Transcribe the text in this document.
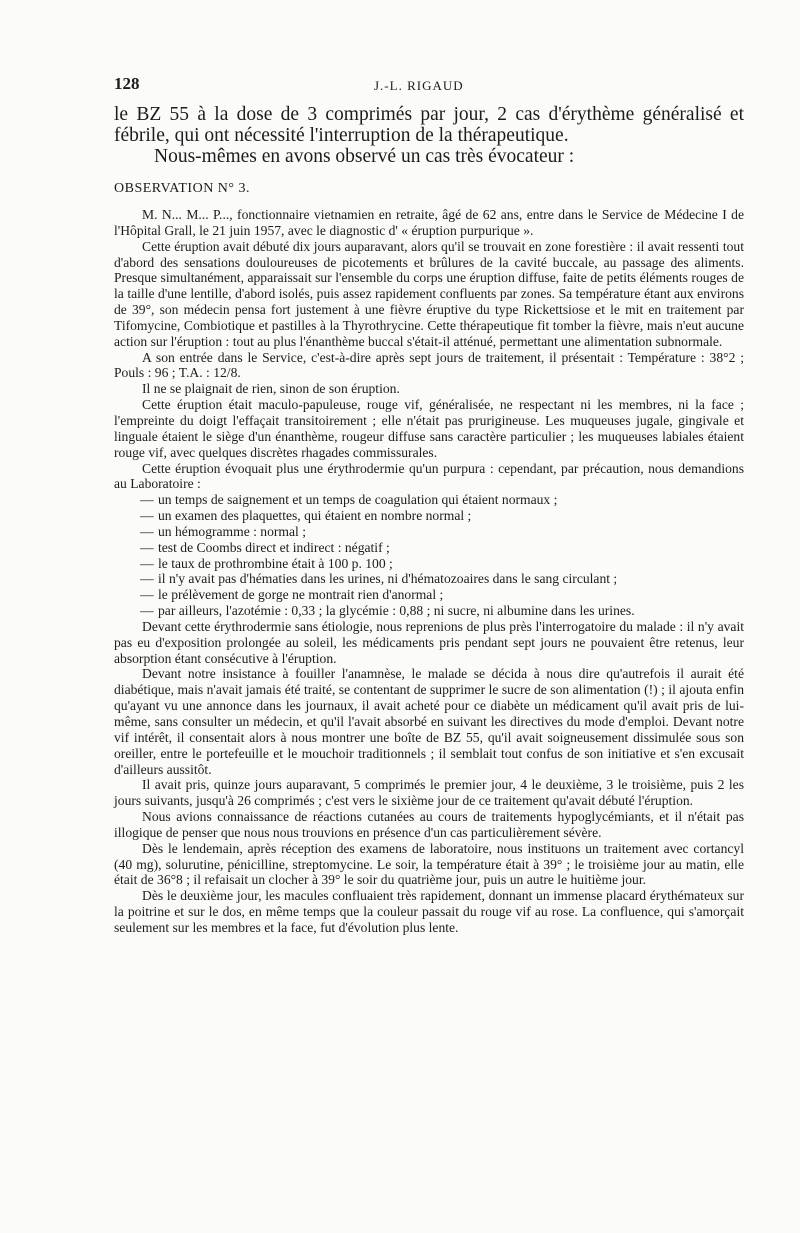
128	J.-L. RIGAUD

le BZ 55 à la dose de 3 comprimés par jour, 2 cas d'érythème généralisé et fébrile, qui ont nécessité l'interruption de la thérapeutique.

Nous-mêmes en avons observé un cas très évocateur :

OBSERVATION N° 3.

M. N... M... P..., fonctionnaire vietnamien en retraite, âgé de 62 ans, entre dans le Service de Médecine I de l'Hôpital Grall, le 21 juin 1957, avec le diagnostic d' « éruption purpurique ».

Cette éruption avait débuté dix jours auparavant, alors qu'il se trouvait en zone forestière : il avait ressenti tout d'abord des sensations douloureuses de picotements et brûlures de la cavité buccale, au passage des aliments. Presque simultanément, apparaissait sur l'ensemble du corps une éruption diffuse, faite de petits éléments rouges de la taille d'une lentille, d'abord isolés, puis assez rapidement confluents par zones. Sa température étant aux environs de 39°, son médecin pensa fort justement à une fièvre éruptive du type Rickettsiose et le mit en traitement par Tifomycine, Combiotique et pastilles à la Thyrothrycine. Cette thérapeutique fit tomber la fièvre, mais n'eut aucune action sur l'éruption : tout au plus l'énanthème buccal s'était-il atténué, permettant une alimentation subnormale.

A son entrée dans le Service, c'est-à-dire après sept jours de traitement, il présentait : Température : 38°2 ; Pouls : 96 ; T.A. : 12/8.

Il ne se plaignait de rien, sinon de son éruption.

Cette éruption était maculo-papuleuse, rouge vif, généralisée, ne respectant ni les membres, ni la face ; l'empreinte du doigt l'effaçait transitoirement ; elle n'était pas prurigineuse. Les muqueuses jugale, gingivale et linguale étaient le siège d'un énanthème, rougeur diffuse sans caractère particulier ; les muqueuses labiales étaient rouge vif, avec quelques discrètes rhagades commissurales.

Cette éruption évoquait plus une érythrodermie qu'un purpura : cependant, par précaution, nous demandions au Laboratoire :

— un temps de saignement et un temps de coagulation qui étaient normaux ;
— un examen des plaquettes, qui étaient en nombre normal ;
— un hémogramme : normal ;
— test de Coombs direct et indirect : négatif ;
— le taux de prothrombine était à 100 p. 100 ;
— il n'y avait pas d'hématies dans les urines, ni d'hématozoaires dans le sang circulant ;
— le prélèvement de gorge ne montrait rien d'anormal ;
— par ailleurs, l'azotémie : 0,33 ; la glycémie : 0,88 ; ni sucre, ni albumine dans les urines.

Devant cette érythrodermie sans étiologie, nous reprenions de plus près l'interrogatoire du malade : il n'y avait pas eu d'exposition prolongée au soleil, les médicaments pris pendant sept jours ne pouvaient être retenus, leur absorption étant consécutive à l'éruption.

Devant notre insistance à fouiller l'anamnèse, le malade se décida à nous dire qu'autrefois il aurait été diabétique, mais n'avait jamais été traité, se contentant de supprimer le sucre de son alimentation (!) ; il ajouta enfin qu'ayant vu une annonce dans les journaux, il avait acheté pour ce diabète un médicament qu'il avait pris de lui-même, sans consulter un médecin, et qu'il l'avait absorbé en suivant les directives du mode d'emploi. Devant notre vif intérêt, il consentait alors à nous montrer une boîte de BZ 55, qu'il avait soigneusement dissimulée sous son oreiller, entre le portefeuille et le mouchoir traditionnels ; il semblait tout confus de son initiative et s'en excusait d'ailleurs aussitôt.

Il avait pris, quinze jours auparavant, 5 comprimés le premier jour, 4 le deuxième, 3 le troisième, puis 2 les jours suivants, jusqu'à 26 comprimés ; c'est vers le sixième jour de ce traitement qu'avait débuté l'éruption.

Nous avions connaissance de réactions cutanées au cours de traitements hypoglycémiants, et il n'était pas illogique de penser que nous nous trouvions en présence d'un cas particulièrement sévère.

Dès le lendemain, après réception des examens de laboratoire, nous instituons un traitement avec cortancyl (40 mg), solurutine, pénicilline, streptomycine. Le soir, la température était à 39° ; le troisième jour au matin, elle était de 36°8 ; il refaisait un clocher à 39° le soir du quatrième jour, puis un autre le huitième jour.

Dès le deuxième jour, les macules confluaient très rapidement, donnant un immense placard érythémateux sur la poitrine et sur le dos, en même temps que la couleur passait du rouge vif au rose. La confluence, qui s'amorçait seulement sur les membres et la face, fut d'évolution plus lente.
